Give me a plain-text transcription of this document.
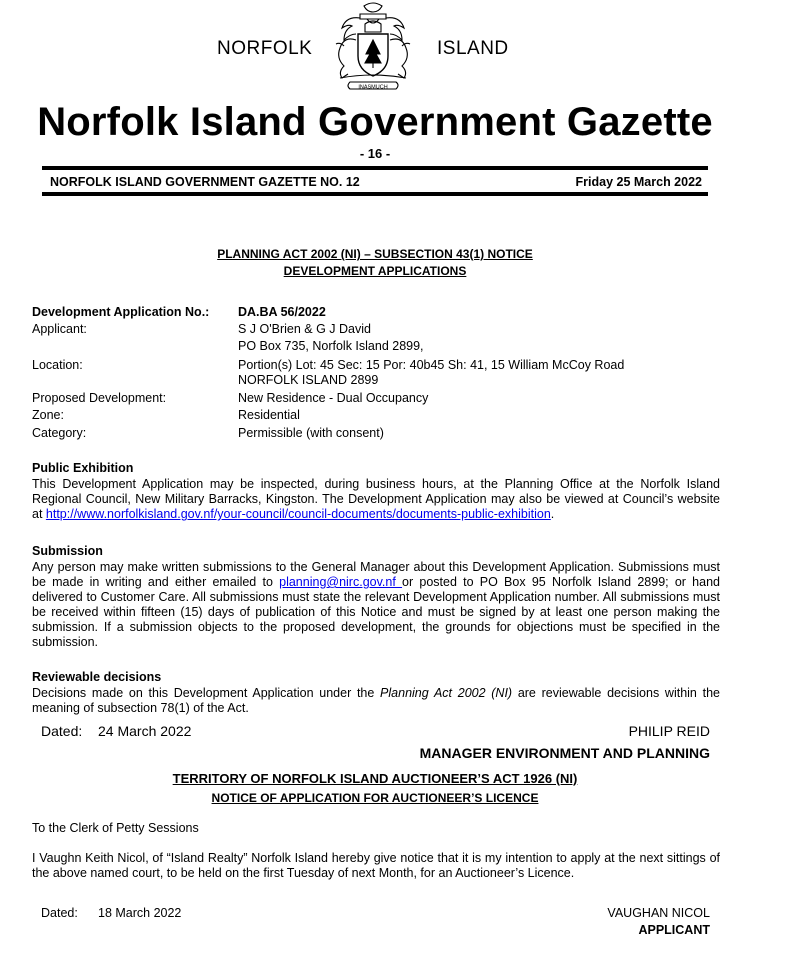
NORFOLK	ISLAND
INASMUCH
Norfolk Island Government Gazette
- 16 -
NORFOLK ISLAND GOVERNMENT GAZETTE NO. 12	Friday 25 March 2022
PLANNING ACT 2002 (NI) – SUBSECTION 43(1) NOTICE
DEVELOPMENT APPLICATIONS
Development Application No.: DA.BA 56/2022
Applicant:	S J O'Brien & G J David
PO Box 735, Norfolk Island 2899,
Location:	Portion(s) Lot: 45 Sec: 15 Por: 40b45 Sh: 41, 15 William McCoy Road
NORFOLK ISLAND 2899
Proposed Development:	New Residence - Dual Occupancy
Zone:	Residential
Category:	Permissible (with consent)
Public Exhibition
This Development Application may be inspected, during business hours, at the Planning Office at the Norfolk Island Regional Council, New Military Barracks, Kingston. The Development Application may also be viewed at Council’s website at http://www.norfolkisland.gov.nf/your-council/council-documents/documents-public-exhibition.
Submission
Any person may make written submissions to the General Manager about this Development Application. Submissions must be made in writing and either emailed to planning@nirc.gov.nf or posted to PO Box 95 Norfolk Island 2899; or hand delivered to Customer Care. All submissions must state the relevant Development Application number. All submissions must be received within fifteen (15) days of publication of this Notice and must be signed by at least one person making the submission. If a submission objects to the proposed development, the grounds for objections must be specified in the submission.
Reviewable decisions
Decisions made on this Development Application under the Planning Act 2002 (NI) are reviewable decisions within the meaning of subsection 78(1) of the Act.
Dated: 24 March 2022	PHILIP REID
MANAGER ENVIRONMENT AND PLANNING
TERRITORY OF NORFOLK ISLAND AUCTIONEER’S ACT 1926 (NI)
NOTICE OF APPLICATION FOR AUCTIONEER’S LICENCE
To the Clerk of Petty Sessions
I Vaughn Keith Nicol, of “Island Realty” Norfolk Island hereby give notice that it is my intention to apply at the next sittings of the above named court, to be held on the first Tuesday of next Month, for an Auctioneer’s Licence.
Dated: 18 March 2022	VAUGHAN NICOL
APPLICANT
